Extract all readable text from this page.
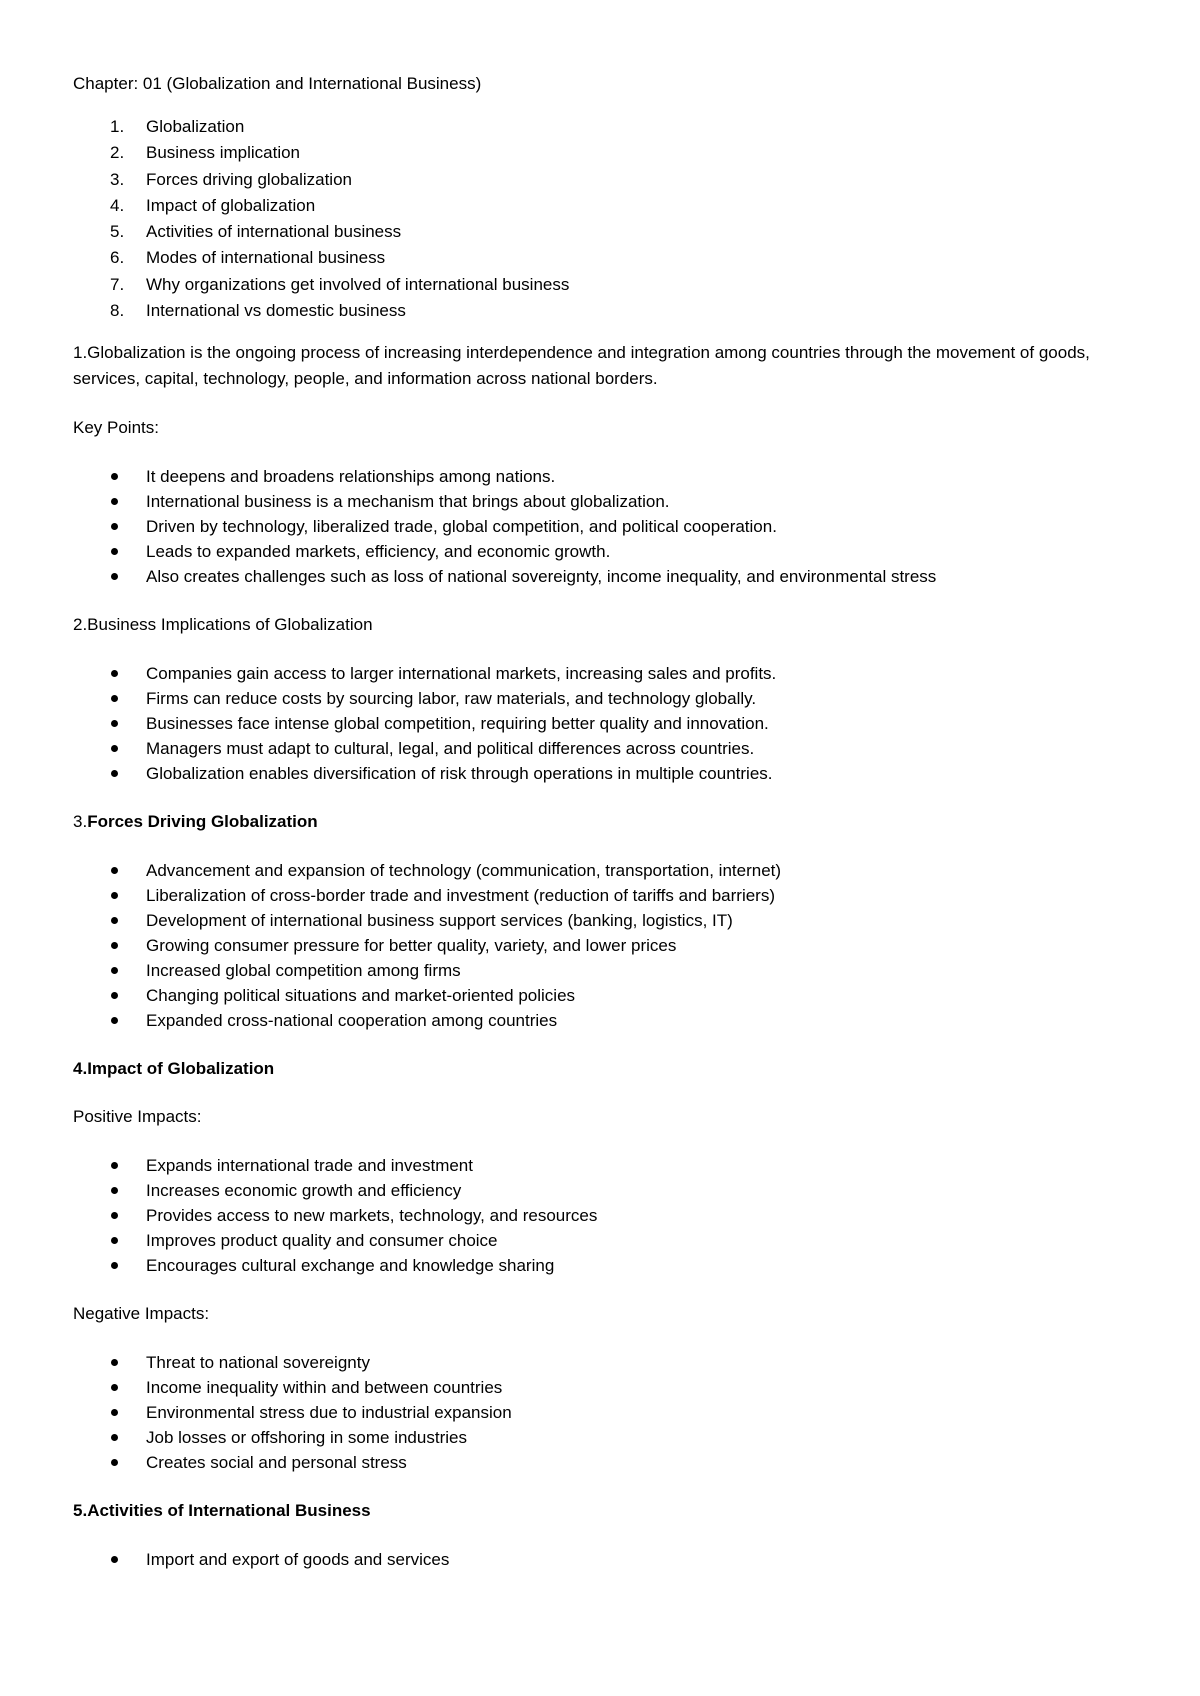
Chapter: 01 (Globalization and International Business)

1.	Globalization
2.	Business implication
3.	Forces driving globalization
4.	Impact of globalization
5.	Activities of international business
6.	Modes of international business
7.	Why organizations get involved of international business
8.	International vs domestic business

1.Globalization is the ongoing process of increasing interdependence and integration among countries through the movement of goods, services, capital, technology, people, and information across national borders.

Key Points:

It deepens and broadens relationships among nations.
International business is a mechanism that brings about globalization.
Driven by technology, liberalized trade, global competition, and political cooperation.
Leads to expanded markets, efficiency, and economic growth.
Also creates challenges such as loss of national sovereignty, income inequality, and environmental stress

2.Business Implications of Globalization

Companies gain access to larger international markets, increasing sales and profits.
Firms can reduce costs by sourcing labor, raw materials, and technology globally.
Businesses face intense global competition, requiring better quality and innovation.
Managers must adapt to cultural, legal, and political differences across countries.
Globalization enables diversification of risk through operations in multiple countries.

3.Forces Driving Globalization

Advancement and expansion of technology (communication, transportation, internet)
Liberalization of cross-border trade and investment (reduction of tariffs and barriers)
Development of international business support services (banking, logistics, IT)
Growing consumer pressure for better quality, variety, and lower prices
Increased global competition among firms
Changing political situations and market-oriented policies
Expanded cross-national cooperation among countries

4.Impact of Globalization

Positive Impacts:

Expands international trade and investment
Increases economic growth and efficiency
Provides access to new markets, technology, and resources
Improves product quality and consumer choice
Encourages cultural exchange and knowledge sharing

Negative Impacts:

Threat to national sovereignty
Income inequality within and between countries
Environmental stress due to industrial expansion
Job losses or offshoring in some industries
Creates social and personal stress

5.Activities of International Business

Import and export of goods and services
